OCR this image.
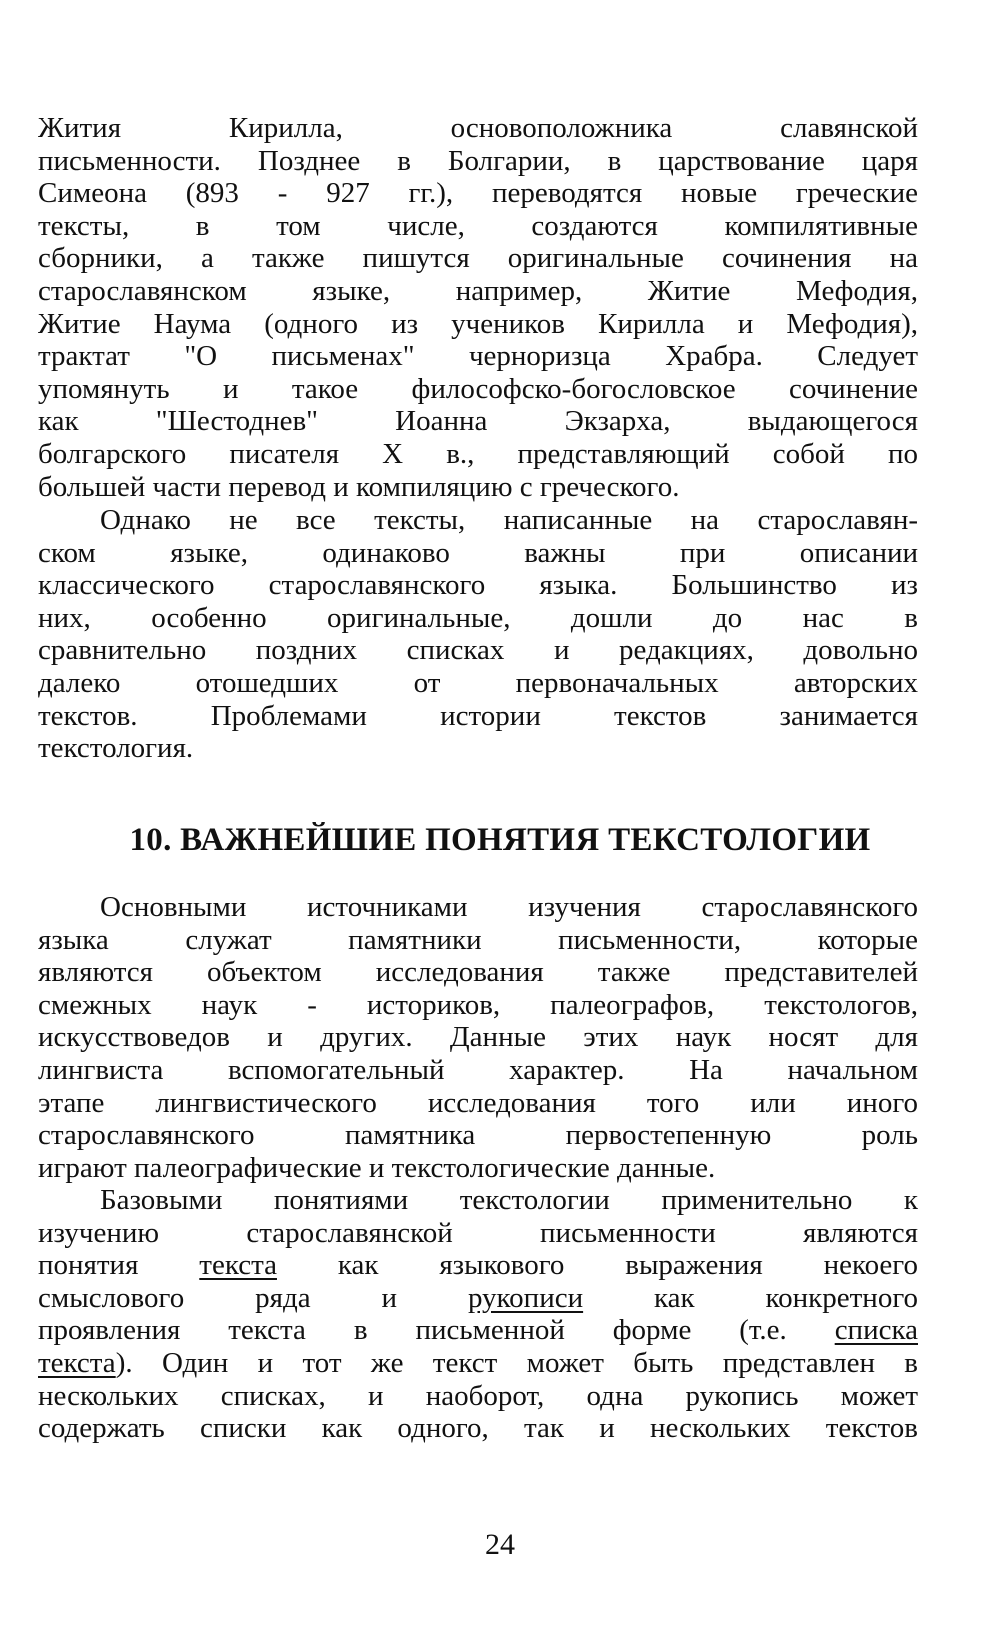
Жития Кирилла, основоположника славянской
письменности. Позднее в Болгарии, в царствование царя
Симеона (893 - 927 гг.), переводятся новые греческие
тексты, в том числе, создаются компилятивные
сборники, а также пишутся оригинальные сочинения на
старославянском языке, например, Житие Мефодия,
Житие Наума (одного из учеников Кирилла и Мефодия),
трактат "О письменах" черноризца Храбра. Следует
упомянуть и такое философско-богословское сочинение
как "Шестоднев" Иоанна Экзарха, выдающегося
болгарского писателя X в., представляющий собой по
большей части перевод и компиляцию с греческого.
Однако не все тексты, написанные на старославян-
ском языке, одинаково важны при описании
классического старославянского языка. Большинство из
них, особенно оригинальные, дошли до нас в
сравнительно поздних списках и редакциях, довольно
далеко отошедших от первоначальных авторских
текстов. Проблемами истории текстов занимается
текстология.
10. ВАЖНЕЙШИЕ ПОНЯТИЯ ТЕКСТОЛОГИИ
Основными источниками изучения старославянского
языка служат памятники письменности, которые
являются объектом исследования также представителей
смежных наук - историков, палеографов, текстологов,
искусствоведов и других. Данные этих наук носят для
лингвиста вспомогательный характер. На начальном
этапе лингвистического исследования того или иного
старославянского памятника первостепенную роль
играют палеографические и текстологические данные.
Базовыми понятиями текстологии применительно к
изучению старославянской письменности являются
понятия текста как языкового выражения некоего
смыслового ряда и рукописи как конкретного
проявления текста в письменной форме (т.е. списка
текста). Один и тот же текст может быть представлен в
нескольких списках, и наоборот, одна рукопись может
содержать списки как одного, так и нескольких текстов
24
